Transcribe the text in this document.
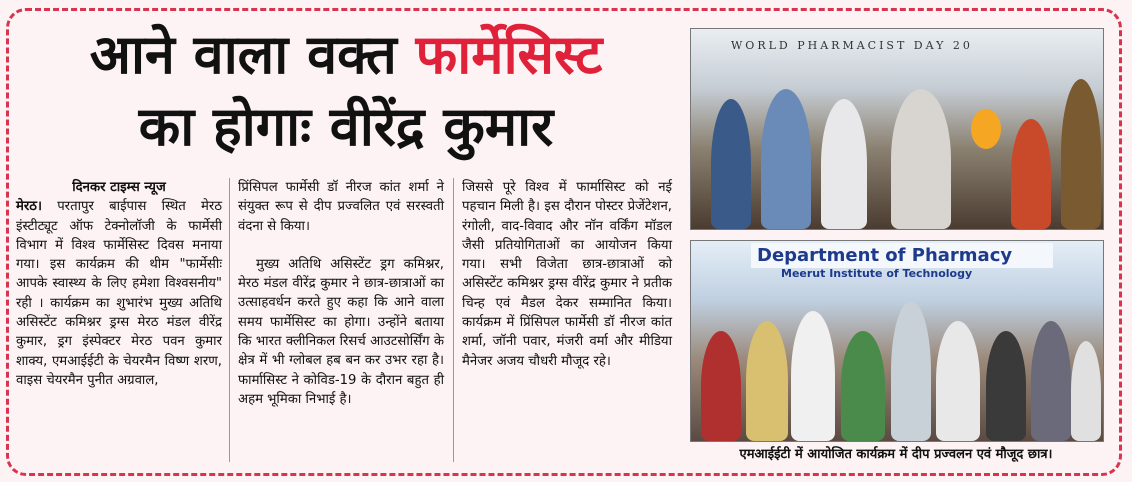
आने वाला वक्त फार्मेसिस्ट
का होगाः वीरेंद्र कुमार

दिनकर टाइम्स न्यूज

मेरठ। परतापुर बाईपास स्थित मेरठ इंस्टीट्यूट ऑफ टेक्नोलॉजी के फार्मेसी विभाग में विश्व फार्मेसिस्ट दिवस मनाया गया। इस कार्यक्रम की थीम "फार्मेसीः आपके स्वास्थ्य के लिए हमेशा विश्वसनीय" रही । कार्यक्रम का शुभारंभ मुख्य अतिथि असिस्टेंट कमिश्नर ड्रग्स मेरठ मंडल वीरेंद्र कुमार, ड्रग इंस्पेक्टर मेरठ पवन कुमार शाक्य, एमआईईटी के चेयरमैन विष्ण शरण, वाइस चेयरमैन पुनीत अग्रवाल,

प्रिंसिपल फार्मेसी डॉ नीरज कांत शर्मा ने संयुक्त रूप से दीप प्रज्वलित एवं सरस्वती वंदना से किया।

मुख्य अतिथि असिस्टेंट ड्रग कमिश्नर, मेरठ मंडल वीरेंद्र कुमार ने छात्र-छात्राओं का उत्साहवर्धन करते हुए कहा कि आने वाला समय फार्मेसिस्ट का होगा। उन्होंने बताया कि भारत क्लीनिकल रिसर्च आउटसोर्सिंग के क्षेत्र में भी ग्लोबल हब बन कर उभर रहा है। फार्मासिस्ट ने कोविड-19 के दौरान बहुत ही अहम भूमिका निभाई है।

जिससे पूरे विश्व में फार्मासिस्ट को नई पहचान मिली है। इस दौरान पोस्टर प्रेजेंटेशन, रंगोली, वाद-विवाद और नॉन वर्किंग मॉडल जैसी प्रतियोगिताओं का आयोजन किया गया। सभी विजेता छात्र-छात्राओं को असिस्टेंट कमिश्नर ड्रग्स वीरेंद्र कुमार ने प्रतीक चिन्ह एवं मैडल देकर सम्मानित किया। कार्यक्रम में प्रिंसिपल फार्मेसी डॉ नीरज कांत शर्मा, जॉनी पवार, मंजरी वर्मा और मीडिया मैनेजर अजय चौधरी मौजूद रहे।

WORLD PHARMACIST DAY 20
Department of Pharmacy
Meerut Institute of Technology
एमआईईटी में आयोजित कार्यक्रम में दीप प्रज्वलन एवं मौजूद छात्र।
